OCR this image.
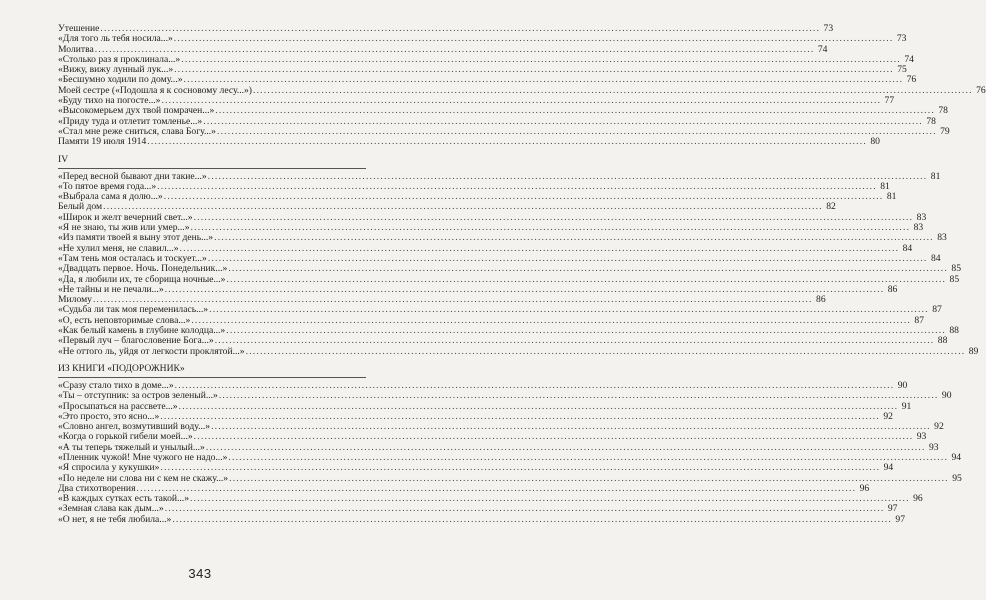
Утешение ........................................................................................................................................................................................................ 73
«Для того ль тебя носила...» ........................................................................................................................................................................................................ 73
Молитва ........................................................................................................................................................................................................ 74
«Столько раз я проклинала...» ........................................................................................................................................................................................................ 74
«Вижу, вижу лунный лук...» ........................................................................................................................................................................................................ 75
«Бесшумно ходили по дому...» ........................................................................................................................................................................................................ 76
Моей сестре («Подошла я к сосновому лесу...») ........................................................................................................................................................................................................ 76
«Буду тихо на погосте...» ........................................................................................................................................................................................................ 77
«Высокомерьем дух твой помрачен...» ........................................................................................................................................................................................................ 78
«Приду туда и отлетит томленье...» ........................................................................................................................................................................................................ 78
«Стал мне реже сниться, слава Богу...» ........................................................................................................................................................................................................ 79
Памяти 19 июля 1914 ........................................................................................................................................................................................................ 80
IV
«Перед весной бывают дни такие...» ........................................................................................................................................................................................................ 81
«То пятое время года...» ........................................................................................................................................................................................................ 81
«Выбрала сама я долю...» ........................................................................................................................................................................................................ 81
Белый дом ........................................................................................................................................................................................................ 82
«Широк и желт вечерний свет...» ........................................................................................................................................................................................................ 83
«Я не знаю, ты жив или умер...» ........................................................................................................................................................................................................ 83
«Из памяти твоей я выну этот день...» ........................................................................................................................................................................................................ 83
«Не хулил меня, не славил...» ........................................................................................................................................................................................................ 84
«Там тень моя осталась и тоскует...» ........................................................................................................................................................................................................ 84
«Двадцать первое. Ночь. Понедельник...» ........................................................................................................................................................................................................ 85
«Да, я любили их, те сборища ночные...» ........................................................................................................................................................................................................ 85
«Не тайны и не печали...» ........................................................................................................................................................................................................ 86
Милому ........................................................................................................................................................................................................ 86
«Судьба ли так моя переменилась...» ........................................................................................................................................................................................................ 87
«О, есть неповторимые слова...» ........................................................................................................................................................................................................ 87
«Как белый камень в глубине колодца...» ........................................................................................................................................................................................................ 88
«Первый луч – благословение Бога...» ........................................................................................................................................................................................................ 88
«Не оттого ль, уйдя от легкости проклятой...» ........................................................................................................................................................................................................ 89
ИЗ КНИГИ «ПОДОРОЖНИК»
«Сразу стало тихо в доме...» ........................................................................................................................................................................................................ 90
«Ты – отступник: за остров зеленый...» ........................................................................................................................................................................................................ 90
«Просыпаться на рассвете...» ........................................................................................................................................................................................................ 91
«Это просто, это ясно...» ........................................................................................................................................................................................................ 92
«Словно ангел, возмутивший воду...» ........................................................................................................................................................................................................ 92
«Когда о горькой гибели моей...» ........................................................................................................................................................................................................ 93
«А ты теперь тяжелый и унылый...» ........................................................................................................................................................................................................ 93
«Пленник чужой! Мне чужого не надо...» ........................................................................................................................................................................................................ 94
«Я спросила у кукушки» ........................................................................................................................................................................................................ 94
«По неделе ни слова ни с кем не скажу...» ........................................................................................................................................................................................................ 95
Два стихотворения ........................................................................................................................................................................................................ 96
«В каждых сутках есть такой...» ........................................................................................................................................................................................................ 96
«Земная слава как дым...» ........................................................................................................................................................................................................ 97
«О нет, я не тебя любила...» ........................................................................................................................................................................................................ 97
343
